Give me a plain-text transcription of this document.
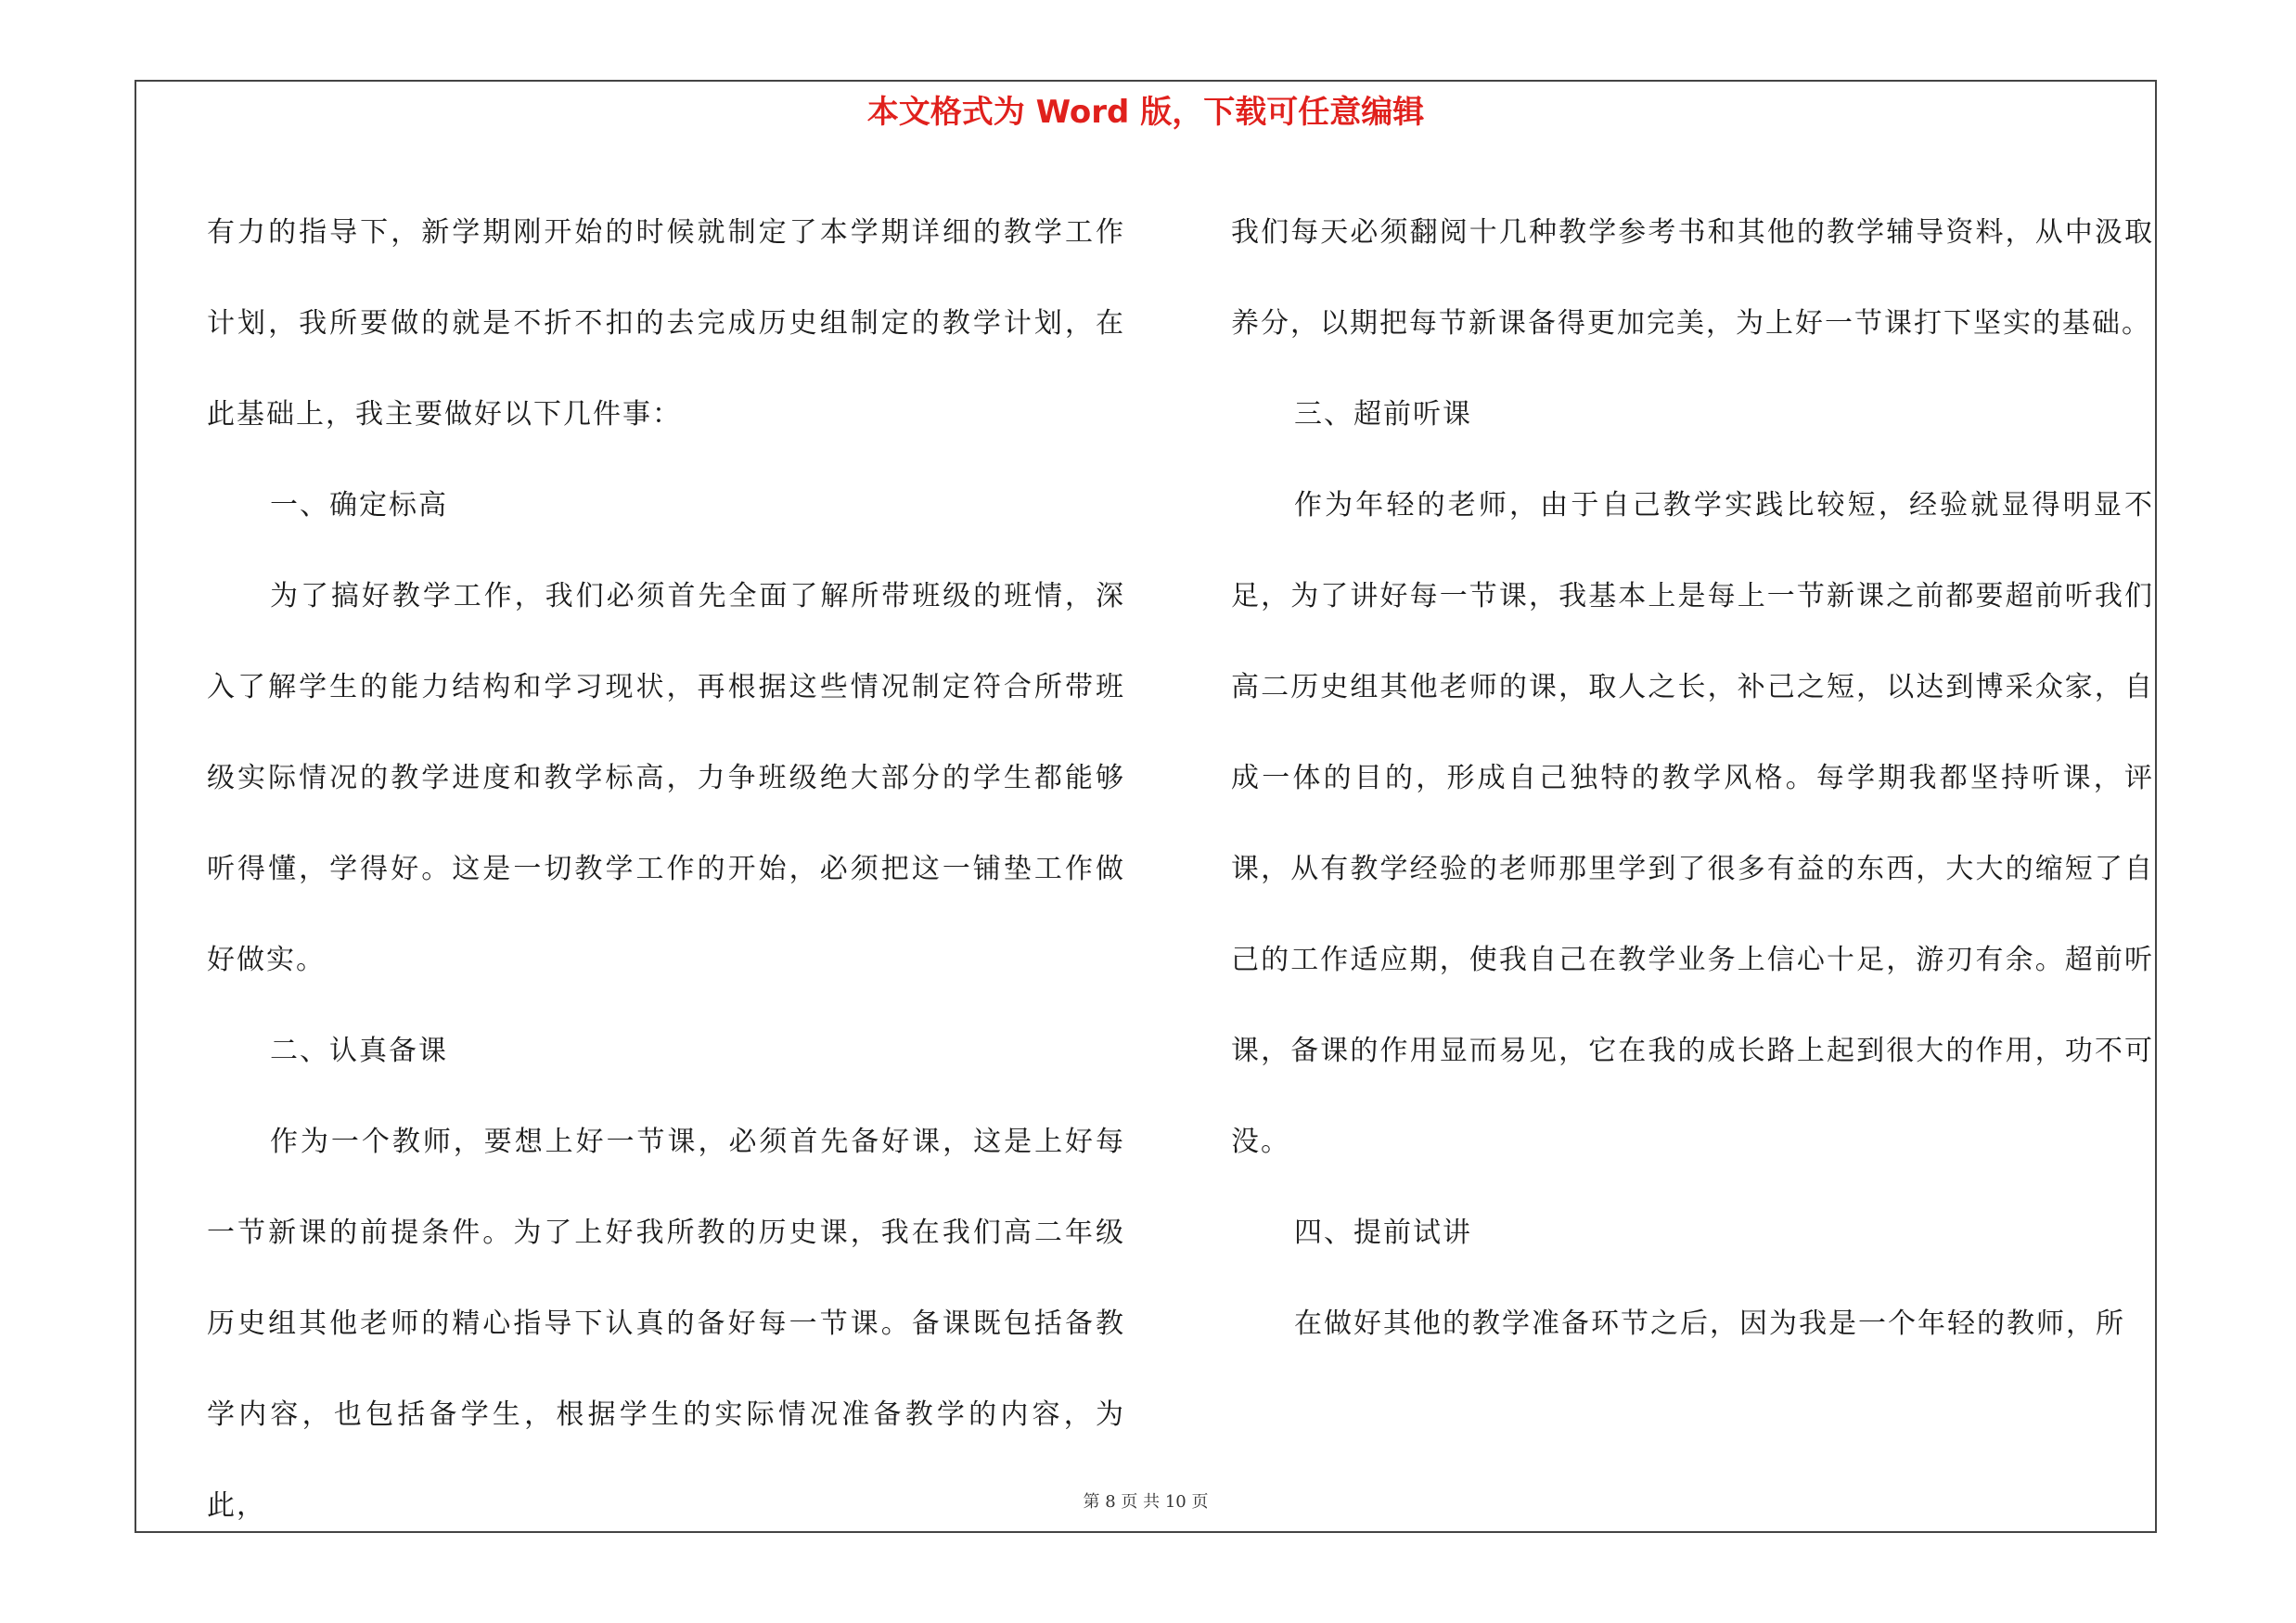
本文格式为 Word 版，下载可任意编辑

有力的指导下，新学期刚开始的时候就制定了本学期详细的教学工作计划，我所要做的就是不折不扣的去完成历史组制定的教学计划，在此基础上，我主要做好以下几件事：

一、确定标高

为了搞好教学工作，我们必须首先全面了解所带班级的班情，深入了解学生的能力结构和学习现状，再根据这些情况制定符合所带班级实际情况的教学进度和教学标高，力争班级绝大部分的学生都能够听得懂，学得好。这是一切教学工作的开始，必须把这一铺垫工作做好做实。

二、认真备课

作为一个教师，要想上好一节课，必须首先备好课，这是上好每一节新课的前提条件。为了上好我所教的历史课，我在我们高二年级历史组其他老师的精心指导下认真的备好每一节课。备课既包括备教学内容，也包括备学生，根据学生的实际情况准备教学的内容，为此，

我们每天必须翻阅十几种教学参考书和其他的教学辅导资料，从中汲取养分，以期把每节新课备得更加完美，为上好一节课打下坚实的基础。

三、超前听课

作为年轻的老师，由于自己教学实践比较短，经验就显得明显不足，为了讲好每一节课，我基本上是每上一节新课之前都要超前听我们高二历史组其他老师的课，取人之长，补己之短，以达到博采众家，自成一体的目的，形成自己独特的教学风格。每学期我都坚持听课，评课，从有教学经验的老师那里学到了很多有益的东西，大大的缩短了自己的工作适应期，使我自己在教学业务上信心十足，游刃有余。超前听课，备课的作用显而易见，它在我的成长路上起到很大的作用，功不可没。

四、提前试讲

在做好其他的教学准备环节之后，因为我是一个年轻的教师，所

第 8 页 共 10 页
